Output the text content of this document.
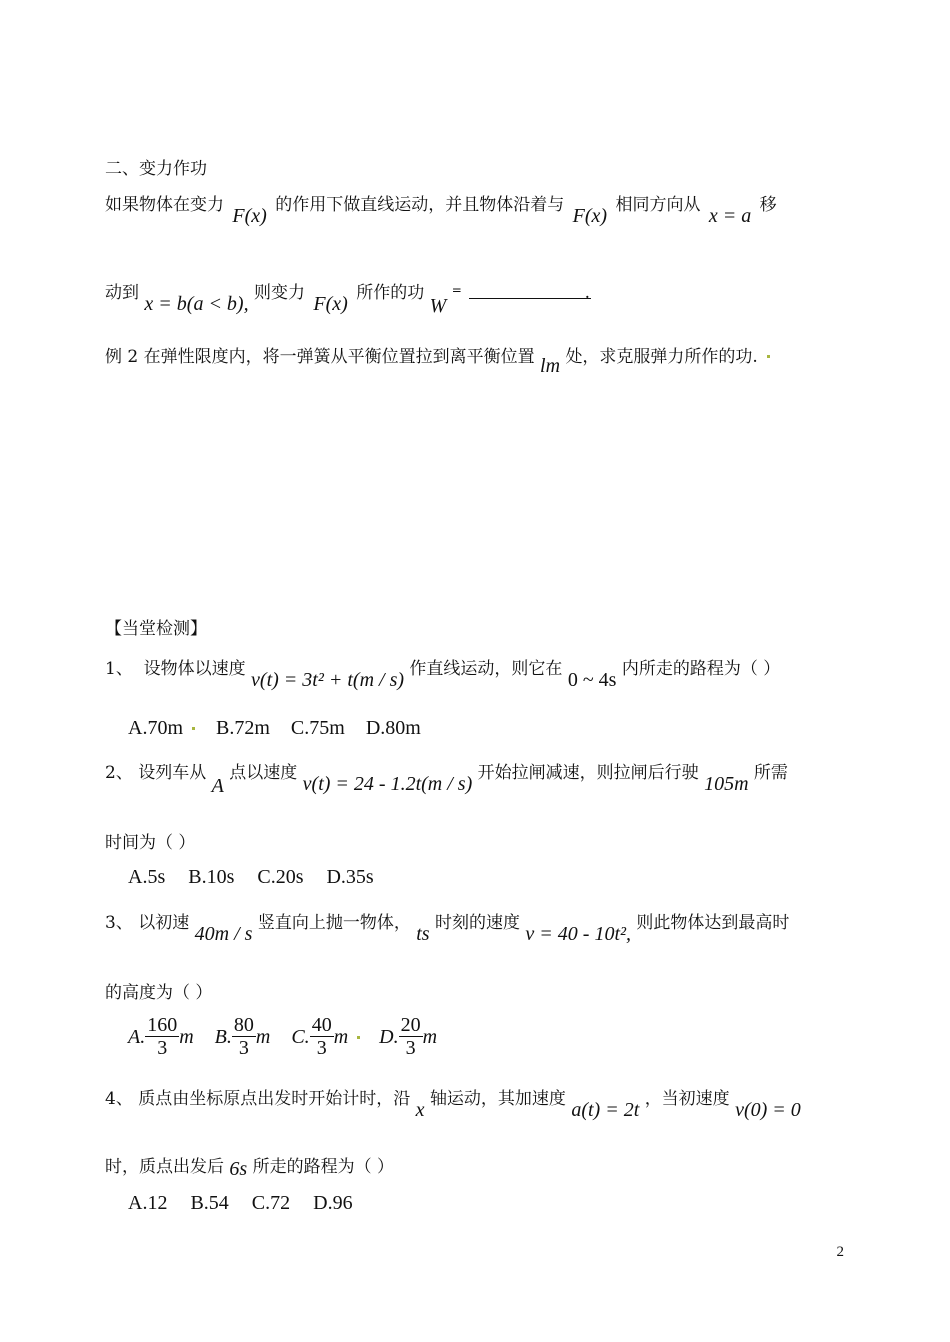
二、变力作功
如果物体在变力 F(x) 的作用下做直线运动，并且物体沿着与 F(x) 相同方向从 x = a 移
动到 x = b(a < b), 则变力 F(x) 所作的功 W =	.
例 2 在弹性限度内，将一弹簧从平衡位置拉到离平衡位置 lm 处，求克服弹力所作的功.
【当堂检测】
1、 设物体以速度 v(t) = 3t² + t(m / s) 作直线运动，则它在 0 ~ 4s 内所走的路程为（ ）
A.70m B.72m C.75m D.80m
2、 设列车从 A 点以速度 v(t) = 24 - 1.2t(m / s) 开始拉闸减速，则拉闸后行驶 105m 所需
时间为（ ）
A.5s B.10s C.20s D.35s
3、 以初速 40m / s 竖直向上抛一物体， ts 时刻的速度 v = 40 - 10t², 则此物体达到最高时
的高度为（ ）
A. $\frac{160}{3}$ m B. $\frac{80}{3}$ m C. $\frac{40}{3}$ m D. $\frac{20}{3}$ m
4、 质点由坐标原点出发时开始计时，沿 x 轴运动，其加速度 a(t) = 2t ，当初速度 v(0) = 0
时，质点出发后 6s 所走的路程为（ ）
A.12 B.54 C.72 D.96
2
